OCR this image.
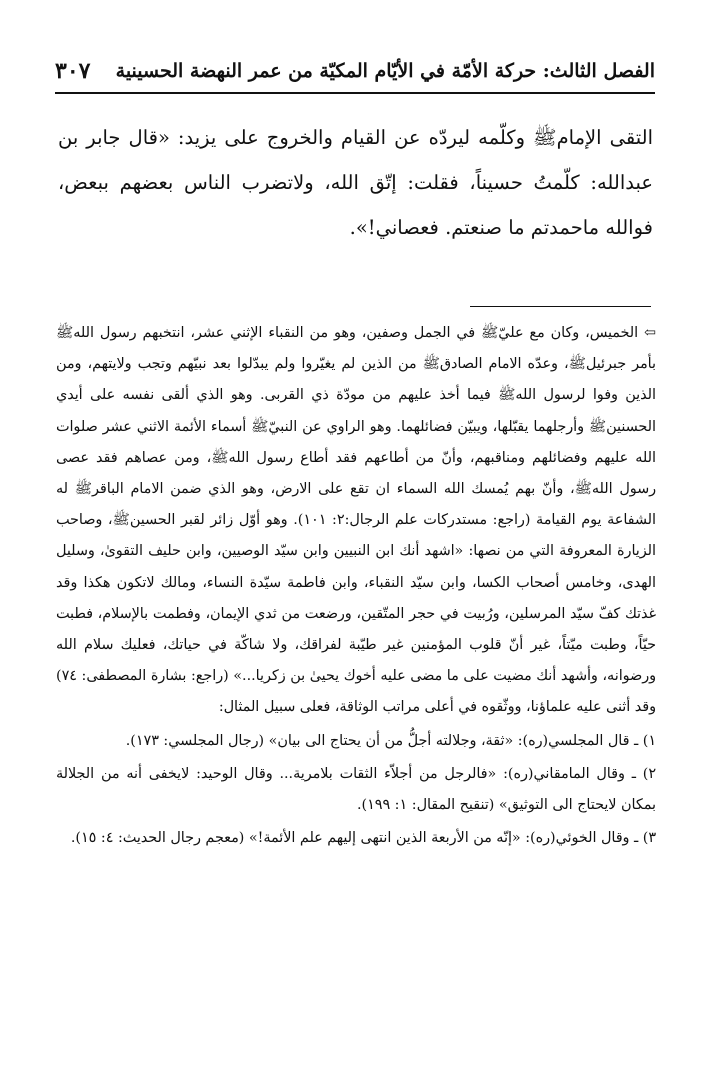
الفصل الثالث: حركة الأمّة في الأيّام المكيّة من عمر النهضة الحسينية
٣٠٧

التقى الإمامﷺ وكلّمه ليردّه عن القيام والخروج على يزيد: «قال جابر بن عبدالله: كلّمتُ حسيناً، فقلت: إتّق الله، ولاتضرب الناس بعضهم ببعض، فوالله ماحمدتم ما صنعتم. فعصاني!».

⇦ الخميس، وكان مع عليّﷺ في الجمل وصفين، وهو من النقباء الإثني عشر، انتخبهم رسول اللهﷺ بأمر جبرئيلﷺ، وعدّه الامام الصادقﷺ من الذين لم يغيّروا ولم يبدّلوا بعد نبيّهم وتجب ولايتهم، ومن الذين وفوا لرسول اللهﷺ فيما أخذ عليهم من مودّة ذي القربى. وهو الذي ألقى نفسه على أيدي الحسنينﷺ وأرجلهما يقبّلها، ويبيّن فضائلهما. وهو الراوي عن النبيّﷺ أسماء الأئمة الاثني عشر صلوات الله عليهم وفضائلهم ومناقبهم، وأنّ من أطاعهم فقد أطاع رسول اللهﷺ، ومن عصاهم فقد عصى رسول اللهﷺ، وأنّ بهم يُمسك الله السماء ان تقع على الارض، وهو الذي ضمن الامام الباقرﷺ له الشفاعة يوم القيامة (راجع: مستدركات علم الرجال:٢: ١٠١). وهو أوّل زائر لقبر الحسينﷺ، وصاحب الزيارة المعروفة التي من نصها: «اشهد أنك ابن النبيين وابن سيّد الوصيين، وابن حليف التقوىٰ، وسليل الهدى، وخامس أصحاب الكسا، وابن سيّد النقباء، وابن فاطمة سيّدة النساء، ومالك لاتكون هكذا وقد غذتك كفّ سيّد المرسلين، ورُبيت في حجر المتّقين، ورضعت من ثدي الإيمان، وفطمت بالإسلام، فطبت حيّاً، وطبت ميّتاً، غير أنّ قلوب المؤمنين غير طيّبة لفراقك، ولا شاكّة في حياتك، فعليك سلام الله ورضوانه، وأشهد أنك مضيت على ما مضى عليه أخوك يحيىٰ بن زكريا...» (راجع: بشارة المصطفى: ٧٤) وقد أثنى عليه علماؤنا، ووثّقوه في أعلى مراتب الوثاقة، فعلى سبيل المثال:

١) ـ قال المجلسي(ره): «ثقة، وجلالته أجلُّ من أن يحتاج الى بيان» (رجال المجلسي: ١٧٣).

٢) ـ وقال المامقاني(ره): «فالرجل من أجلاّء الثقات بلامرية... وقال الوحيد: لايخفى أنه من الجلالة بمكان لايحتاج الى التوثيق» (تنقيح المقال: ١: ١٩٩).

٣) ـ وقال الخوئي(ره): «إنّه من الأربعة الذين انتهى إليهم علم الأئمة!» (معجم رجال الحديث: ٤: ١٥).
